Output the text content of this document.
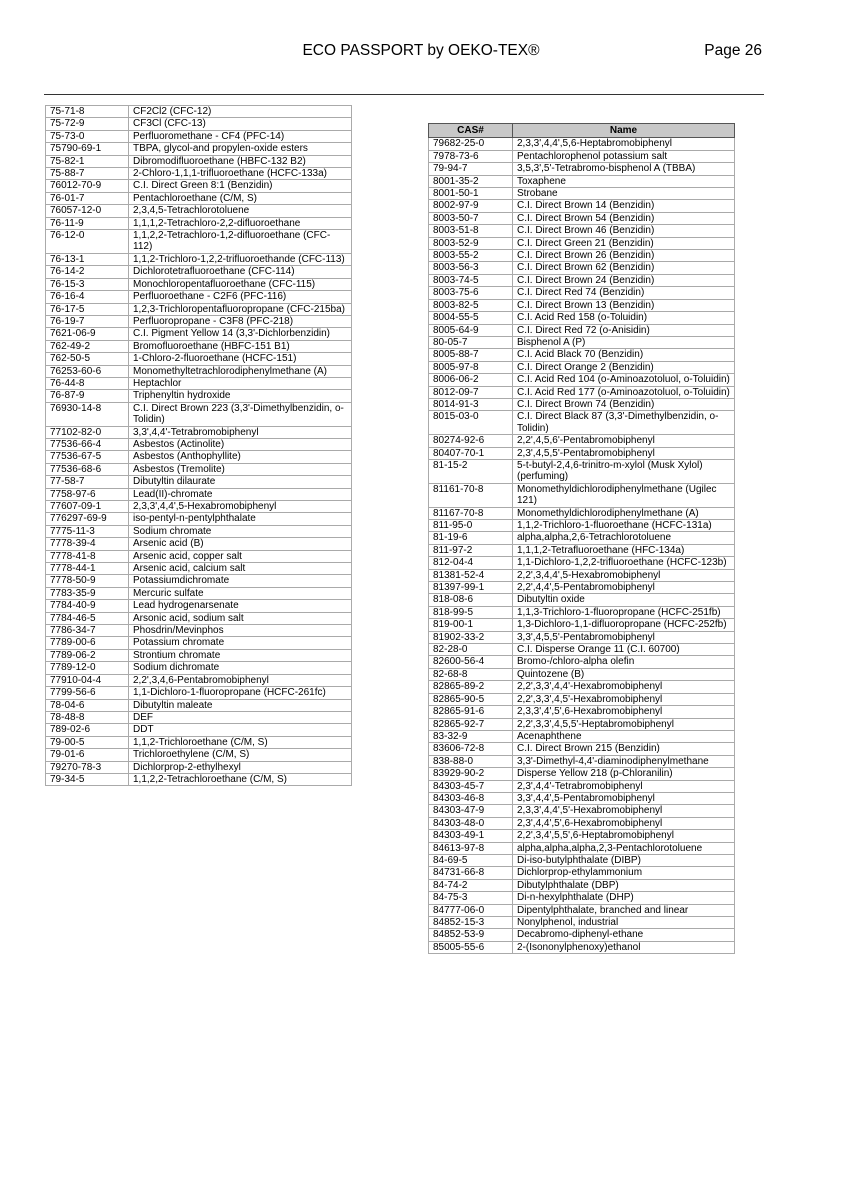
ECO PASSPORT by OEKO-TEX®	Page 26
75-71-8	CF2Cl2 (CFC-12)
75-72-9	CF3Cl (CFC-13)
75-73-0	Perfluoromethane - CF4 (PFC-14)
75790-69-1	TBPA, glycol-and propylen-oxide esters
75-82-1	Dibromodifluoroethane (HBFC-132 B2)
75-88-7	2-Chloro-1,1,1-trifluoroethane (HCFC-133a)
76012-70-9	C.I. Direct Green 8:1 (Benzidin)
76-01-7	Pentachloroethane (C/M, S)
76057-12-0	2,3,4,5-Tetrachlorotoluene
76-11-9	1,1,1,2-Tetrachloro-2,2-difluoroethane
76-12-0	1,1,2,2-Tetrachloro-1,2-difluoroethane (CFC-112)
76-13-1	1,1,2-Trichloro-1,2,2-trifluoroethande (CFC-113)
76-14-2	Dichlorotetrafluoroethane (CFC-114)
76-15-3	Monochloropentafluoroethane (CFC-115)
76-16-4	Perfluoroethane - C2F6 (PFC-116)
76-17-5	1,2,3-Trichloropentafluoropropane (CFC-215ba)
76-19-7	Perfluoropropane - C3F8 (PFC-218)
7621-06-9	C.I. Pigment Yellow 14 (3,3'-Dichlorbenzidin)
762-49-2	Bromofluoroethane (HBFC-151 B1)
762-50-5	1-Chloro-2-fluoroethane (HCFC-151)
76253-60-6	Monomethyltetrachlorodiphenylmethane (A)
76-44-8	Heptachlor
76-87-9	Triphenyltin hydroxide
76930-14-8	C.I. Direct Brown 223 (3,3'-Dimethylbenzidin, o-Tolidin)
77102-82-0	3,3',4,4'-Tetrabromobiphenyl
77536-66-4	Asbestos (Actinolite)
77536-67-5	Asbestos (Anthophyllite)
77536-68-6	Asbestos (Tremolite)
77-58-7	Dibutyltin dilaurate
7758-97-6	Lead(II)-chromate
77607-09-1	2,3,3',4,4',5-Hexabromobiphenyl
776297-69-9	iso-pentyl-n-pentylphthalate
7775-11-3	Sodium chromate
7778-39-4	Arsenic acid (B)
7778-41-8	Arsenic acid, copper salt
7778-44-1	Arsenic acid, calcium salt
7778-50-9	Potassiumdichromate
7783-35-9	Mercuric sulfate
7784-40-9	Lead hydrogenarsenate
7784-46-5	Arsonic acid, sodium salt
7786-34-7	Phosdrin/Mevinphos
7789-00-6	Potassium chromate
7789-06-2	Strontium chromate
7789-12-0	Sodium dichromate
77910-04-4	2,2',3,4,6-Pentabromobiphenyl
7799-56-6	1,1-Dichloro-1-fluoropropane (HCFC-261fc)
78-04-6	Dibutyltin maleate
78-48-8	DEF
789-02-6	DDT
79-00-5	1,1,2-Trichloroethane (C/M, S)
79-01-6	Trichloroethylene (C/M, S)
79270-78-3	Dichlorprop-2-ethylhexyl
79-34-5	1,1,2,2-Tetrachloroethane (C/M, S)
CAS#	Name
79682-25-0	2,3,3',4,4',5,6-Heptabromobiphenyl
7978-73-6	Pentachlorophenol potassium salt
79-94-7	3,5,3',5'-Tetrabromo-bisphenol A (TBBA)
8001-35-2	Toxaphene
8001-50-1	Strobane
8002-97-9	C.I. Direct Brown 14 (Benzidin)
8003-50-7	C.I. Direct Brown 54 (Benzidin)
8003-51-8	C.I. Direct Brown 46 (Benzidin)
8003-52-9	C.I. Direct Green 21 (Benzidin)
8003-55-2	C.I. Direct Brown 26 (Benzidin)
8003-56-3	C.I. Direct Brown 62 (Benzidin)
8003-74-5	C.I. Direct Brown 24 (Benzidin)
8003-75-6	C.I. Direct Red 74 (Benzidin)
8003-82-5	C.I. Direct Brown 13 (Benzidin)
8004-55-5	C.I. Acid Red 158 (o-Toluidin)
8005-64-9	C.I. Direct Red 72 (o-Anisidin)
80-05-7	Bisphenol A (P)
8005-88-7	C.I. Acid Black 70 (Benzidin)
8005-97-8	C.I. Direct Orange 2 (Benzidin)
8006-06-2	C.I. Acid Red 104 (o-Aminoazotoluol, o-Toluidin)
8012-09-7	C.I. Acid Red 177 (o-Aminoazotoluol, o-Toluidin)
8014-91-3	C.I. Direct Brown 74 (Benzidin)
8015-03-0	C.I. Direct Black 87 (3,3'-Dimethylbenzidin, o-Tolidin)
80274-92-6	2,2',4,5,6'-Pentabromobiphenyl
80407-70-1	2,3',4,5,5'-Pentabromobiphenyl
81-15-2	5-t-butyl-2,4,6-trinitro-m-xylol (Musk Xylol) (perfuming)
81161-70-8	Monomethyldichlorodiphenylmethane (Ugilec 121)
81167-70-8	Monomethyldichlorodiphenylmethane (A)
811-95-0	1,1,2-Trichloro-1-fluoroethane (HCFC-131a)
81-19-6	alpha,alpha,2,6-Tetrachlorotoluene
811-97-2	1,1,1,2-Tetrafluoroethane (HFC-134a)
812-04-4	1,1-Dichloro-1,2,2-trifluoroethane (HCFC-123b)
81381-52-4	2,2',3,4,4',5-Hexabromobiphenyl
81397-99-1	2,2',4,4',5-Pentabromobiphenyl
818-08-6	Dibutyltin oxide
818-99-5	1,1,3-Trichloro-1-fluoropropane (HCFC-251fb)
819-00-1	1,3-Dichloro-1,1-difluoropropane (HCFC-252fb)
81902-33-2	3,3',4,5,5'-Pentabromobiphenyl
82-28-0	C.I. Disperse Orange 11 (C.I. 60700)
82600-56-4	Bromo-/chloro-alpha olefin
82-68-8	Quintozene (B)
82865-89-2	2,2',3,3',4,4'-Hexabromobiphenyl
82865-90-5	2,2',3,3',4,5'-Hexabromobiphenyl
82865-91-6	2,3,3',4',5',6-Hexabromobiphenyl
82865-92-7	2,2',3,3',4,5,5'-Heptabromobiphenyl
83-32-9	Acenaphthene
83606-72-8	C.I. Direct Brown 215 (Benzidin)
838-88-0	3,3'-Dimethyl-4,4'-diaminodiphenylmethane
83929-90-2	Disperse Yellow 218 (p-Chloranilin)
84303-45-7	2,3',4,4'-Tetrabromobiphenyl
84303-46-8	3,3',4,4',5-Pentabromobiphenyl
84303-47-9	2,3,3',4,4',5'-Hexabromobiphenyl
84303-48-0	2,3',4,4',5',6-Hexabromobiphenyl
84303-49-1	2,2',3,4',5,5',6-Heptabromobiphenyl
84613-97-8	alpha,alpha,alpha,2,3-Pentachlorotoluene
84-69-5	Di-iso-butylphthalate (DIBP)
84731-66-8	Dichlorprop-ethylammonium
84-74-2	Dibutylphthalate (DBP)
84-75-3	Di-n-hexylphthalate (DHP)
84777-06-0	Dipentylphthalate, branched and linear
84852-15-3	Nonylphenol, industrial
84852-53-9	Decabromo-diphenyl-ethane
85005-55-6	2-(Isononylphenoxy)ethanol
